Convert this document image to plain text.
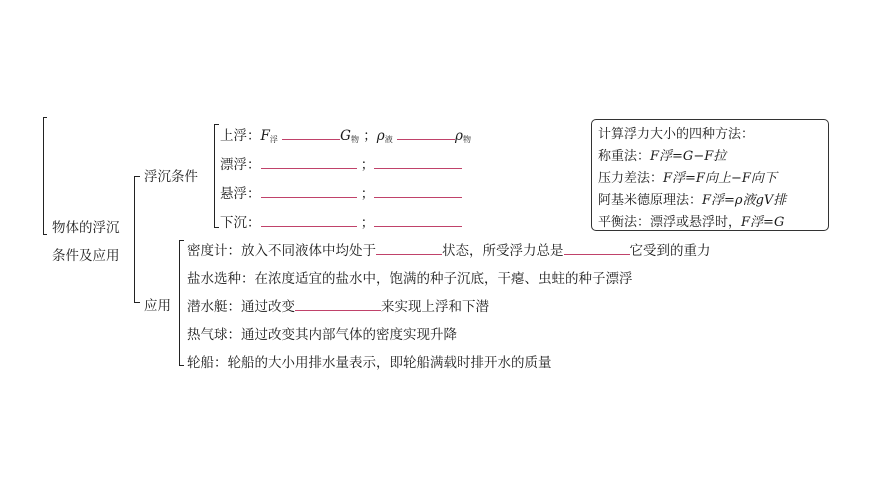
物体的浮沉
条件及应用
浮沉条件
上浮：$F_浮$	$G_物$ ；$\rho_液$	$\rho_物$
漂浮：	；
悬浮：	；
下沉：	；
计算浮力大小的四种方法：
称重法：F浮=G−F拉
压力差法：F浮=F向上−F向下
阿基米德原理法：F浮=ρ液gV排
平衡法：漂浮或悬浮时，F浮=G
应用
密度计：放入不同液体中均处于	状态，所受浮力总是	它受到的重力
盐水选种：在浓度适宜的盐水中，饱满的种子沉底，干瘪、虫蛀的种子漂浮
潜水艇：通过改变	来实现上浮和下潜
热气球：通过改变其内部气体的密度实现升降
轮船：轮船的大小用排水量表示，即轮船满载时排开水的质量
